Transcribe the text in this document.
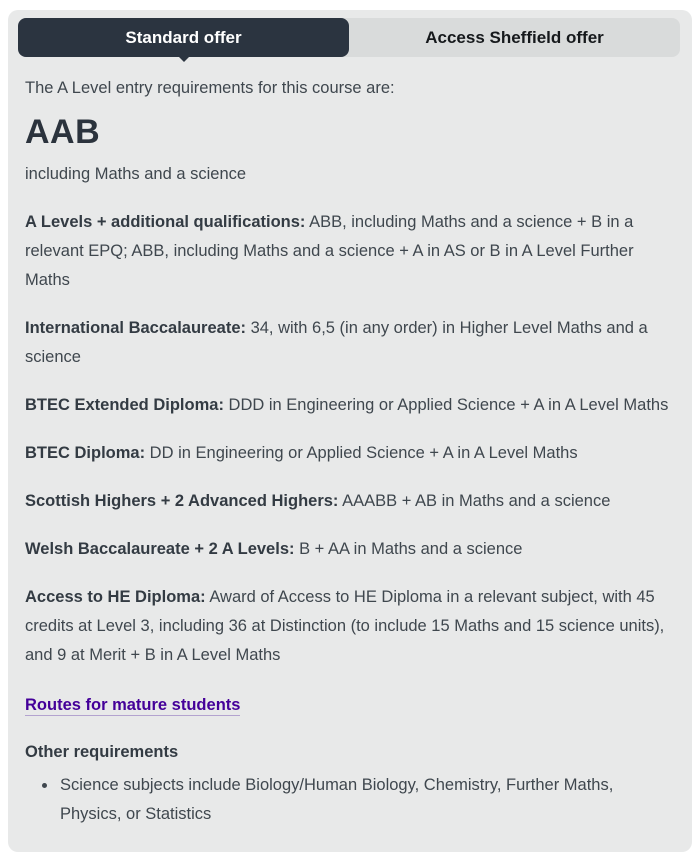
Standard offer	Access Sheffield offer

The A Level entry requirements for this course are:

AAB

including Maths and a science

A Levels + additional qualifications: ABB, including Maths and a science + B in a relevant EPQ; ABB, including Maths and a science + A in AS or B in A Level Further Maths

International Baccalaureate: 34, with 6,5 (in any order) in Higher Level Maths and a science

BTEC Extended Diploma: DDD in Engineering or Applied Science + A in A Level Maths

BTEC Diploma: DD in Engineering or Applied Science + A in A Level Maths

Scottish Highers + 2 Advanced Highers: AAABB + AB in Maths and a science

Welsh Baccalaureate + 2 A Levels: B + AA in Maths and a science

Access to HE Diploma: Award of Access to HE Diploma in a relevant subject, with 45 credits at Level 3, including 36 at Distinction (to include 15 Maths and 15 science units), and 9 at Merit + B in A Level Maths

Routes for mature students

Other requirements

• Science subjects include Biology/Human Biology, Chemistry, Further Maths, Physics, or Statistics
